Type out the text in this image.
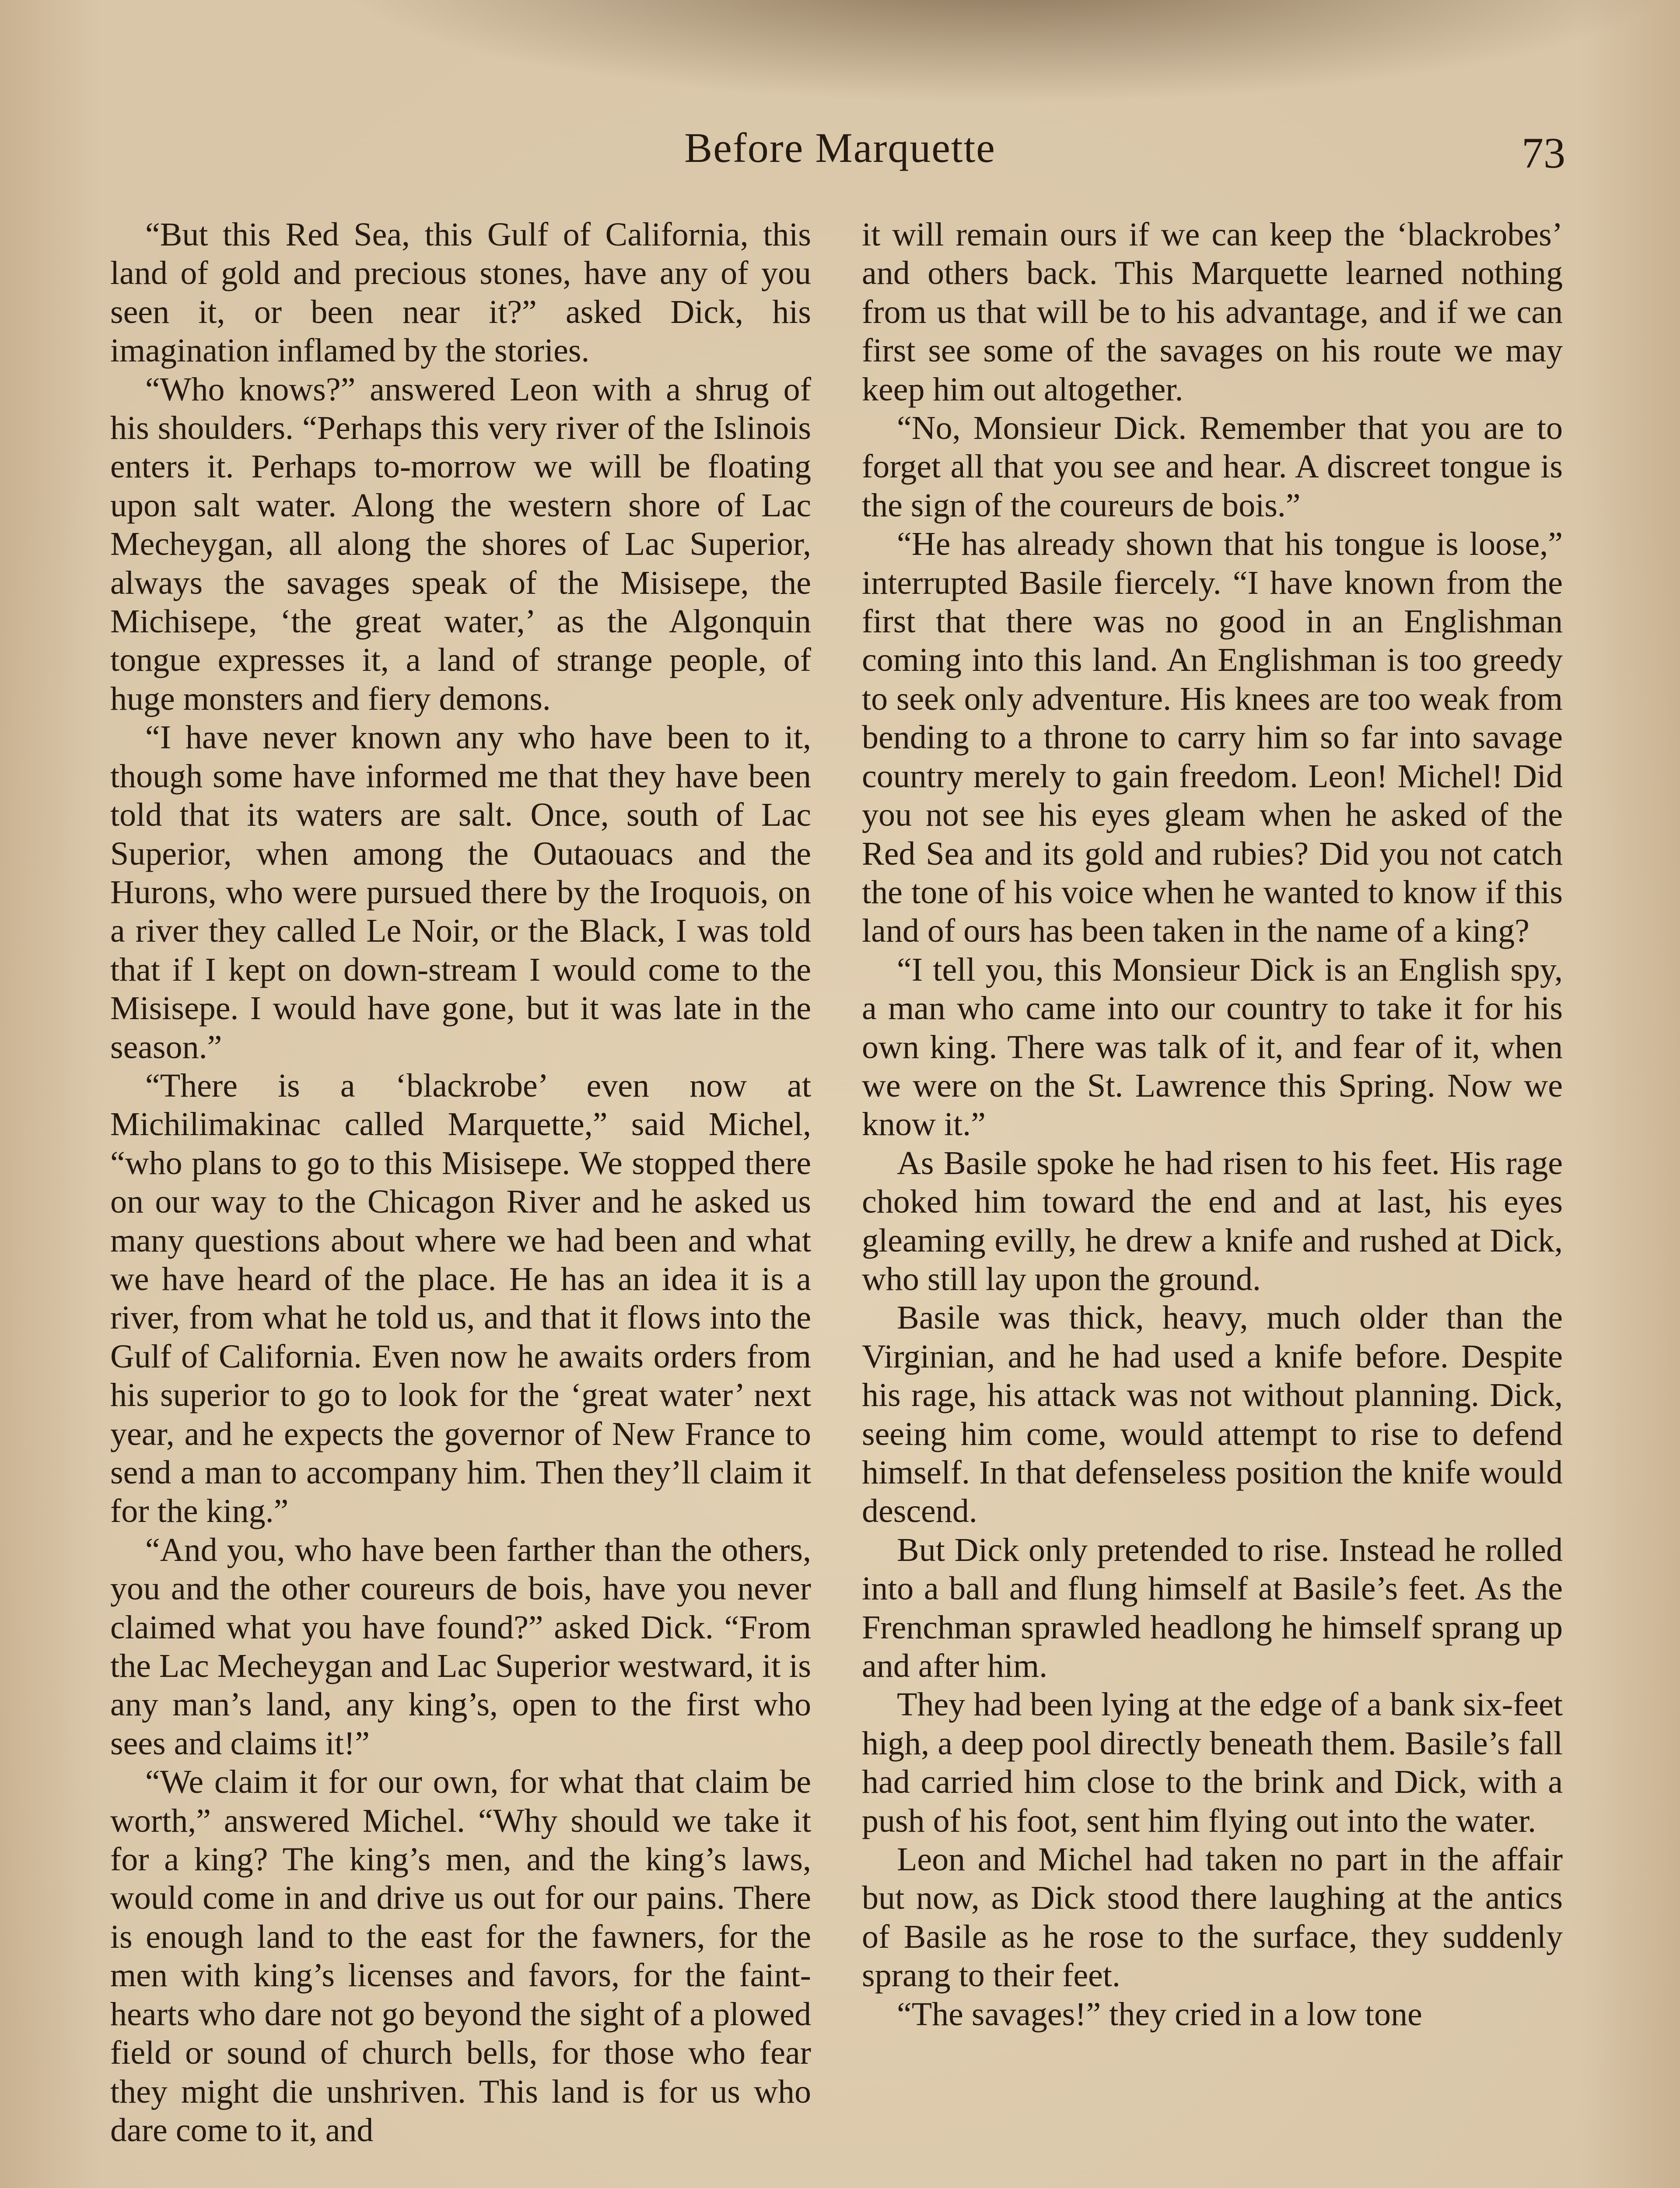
Before Marquette	73

“But this Red Sea, this Gulf of California, this land of gold and precious stones, have any of you seen it, or been near it?” asked Dick, his imagination inflamed by the stories.

“Who knows?” answered Leon with a shrug of his shoulders. “Perhaps this very river of the Islinois enters it. Perhaps to-morrow we will be floating upon salt water. Along the western shore of Lac Mecheygan, all along the shores of Lac Superior, always the savages speak of the Misisepe, the Michisepe, ‘the great water,’ as the Algonquin tongue expresses it, a land of strange people, of huge monsters and fiery demons.

“I have never known any who have been to it, though some have informed me that they have been told that its waters are salt. Once, south of Lac Superior, when among the Outaouacs and the Hurons, who were pursued there by the Iroquois, on a river they called Le Noir, or the Black, I was told that if I kept on down-stream I would come to the Misisepe. I would have gone, but it was late in the season.”

“There is a ‘blackrobe’ even now at Michilimakinac called Marquette,” said Michel, “who plans to go to this Misisepe. We stopped there on our way to the Chicagon River and he asked us many questions about where we had been and what we have heard of the place. He has an idea it is a river, from what he told us, and that it flows into the Gulf of California. Even now he awaits orders from his superior to go to look for the ‘great water’ next year, and he expects the governor of New France to send a man to accompany him. Then they’ll claim it for the king.”

“And you, who have been farther than the others, you and the other coureurs de bois, have you never claimed what you have found?” asked Dick. “From the Lac Mecheygan and Lac Superior westward, it is any man’s land, any king’s, open to the first who sees and claims it!”

“We claim it for our own, for what that claim be worth,” answered Michel. “Why should we take it for a king? The king’s men, and the king’s laws, would come in and drive us out for our pains. There is enough land to the east for the fawners, for the men with king’s licenses and favors, for the faint-hearts who dare not go beyond the sight of a plowed field or sound of church bells, for those who fear they might die unshriven. This land is for us who dare come to it, and

it will remain ours if we can keep the ‘blackrobes’ and others back. This Marquette learned nothing from us that will be to his advantage, and if we can first see some of the savages on his route we may keep him out altogether.

“No, Monsieur Dick. Remember that you are to forget all that you see and hear. A discreet tongue is the sign of the coureurs de bois.”

“He has already shown that his tongue is loose,” interrupted Basile fiercely. “I have known from the first that there was no good in an Englishman coming into this land. An Englishman is too greedy to seek only adventure. His knees are too weak from bending to a throne to carry him so far into savage country merely to gain freedom. Leon! Michel! Did you not see his eyes gleam when he asked of the Red Sea and its gold and rubies? Did you not catch the tone of his voice when he wanted to know if this land of ours has been taken in the name of a king?

“I tell you, this Monsieur Dick is an English spy, a man who came into our country to take it for his own king. There was talk of it, and fear of it, when we were on the St. Lawrence this Spring. Now we know it.”

As Basile spoke he had risen to his feet. His rage choked him toward the end and at last, his eyes gleaming evilly, he drew a knife and rushed at Dick, who still lay upon the ground.

Basile was thick, heavy, much older than the Virginian, and he had used a knife before. Despite his rage, his attack was not without planning. Dick, seeing him come, would attempt to rise to defend himself. In that defenseless position the knife would descend.

But Dick only pretended to rise. Instead he rolled into a ball and flung himself at Basile’s feet. As the Frenchman sprawled headlong he himself sprang up and after him.

They had been lying at the edge of a bank six-feet high, a deep pool directly beneath them. Basile’s fall had carried him close to the brink and Dick, with a push of his foot, sent him flying out into the water.

Leon and Michel had taken no part in the affair but now, as Dick stood there laughing at the antics of Basile as he rose to the surface, they suddenly sprang to their feet.

“The savages!” they cried in a low tone
